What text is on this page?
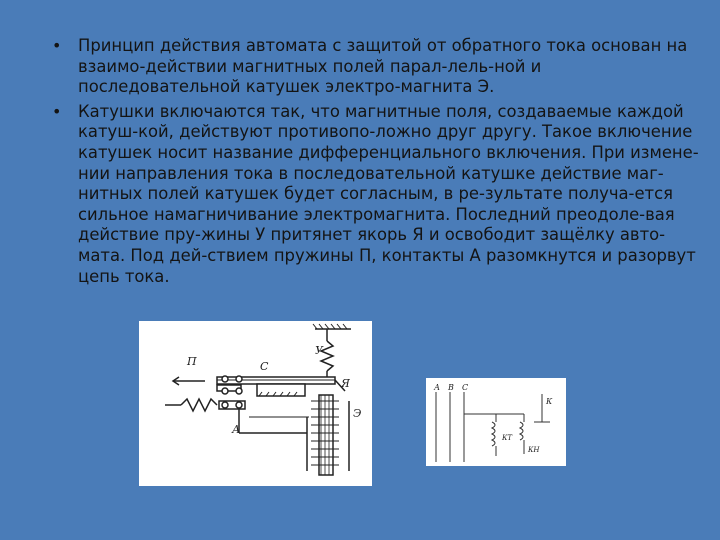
• Принцип действия автомата с защитой от обратного тока основан на взаимо-действии магнитных полей парал-лель-ной и последовательной катушек электро-магнита Э.
• Катушки включаются так, что магнитные поля, создаваемые каждой катуш-кой, действуют противопо-ложно друг другу. Такое включение катушек носит название дифференциального включения. При измене-нии направления тока в последовательной катушке действие маг-нитных полей катушек будет согласным, в ре-зультате получа-ется сильное намагничивание электромагнита. Последний преодоле-вая действие пру-жины У притянет якорь Я и освободит защёлку авто-мата. Под дей-ствием пружины П, контакты А разомкнутся и разорвут цепь тока.
П	С
У
Я
А
Э
А В С
К
КТ
КН
